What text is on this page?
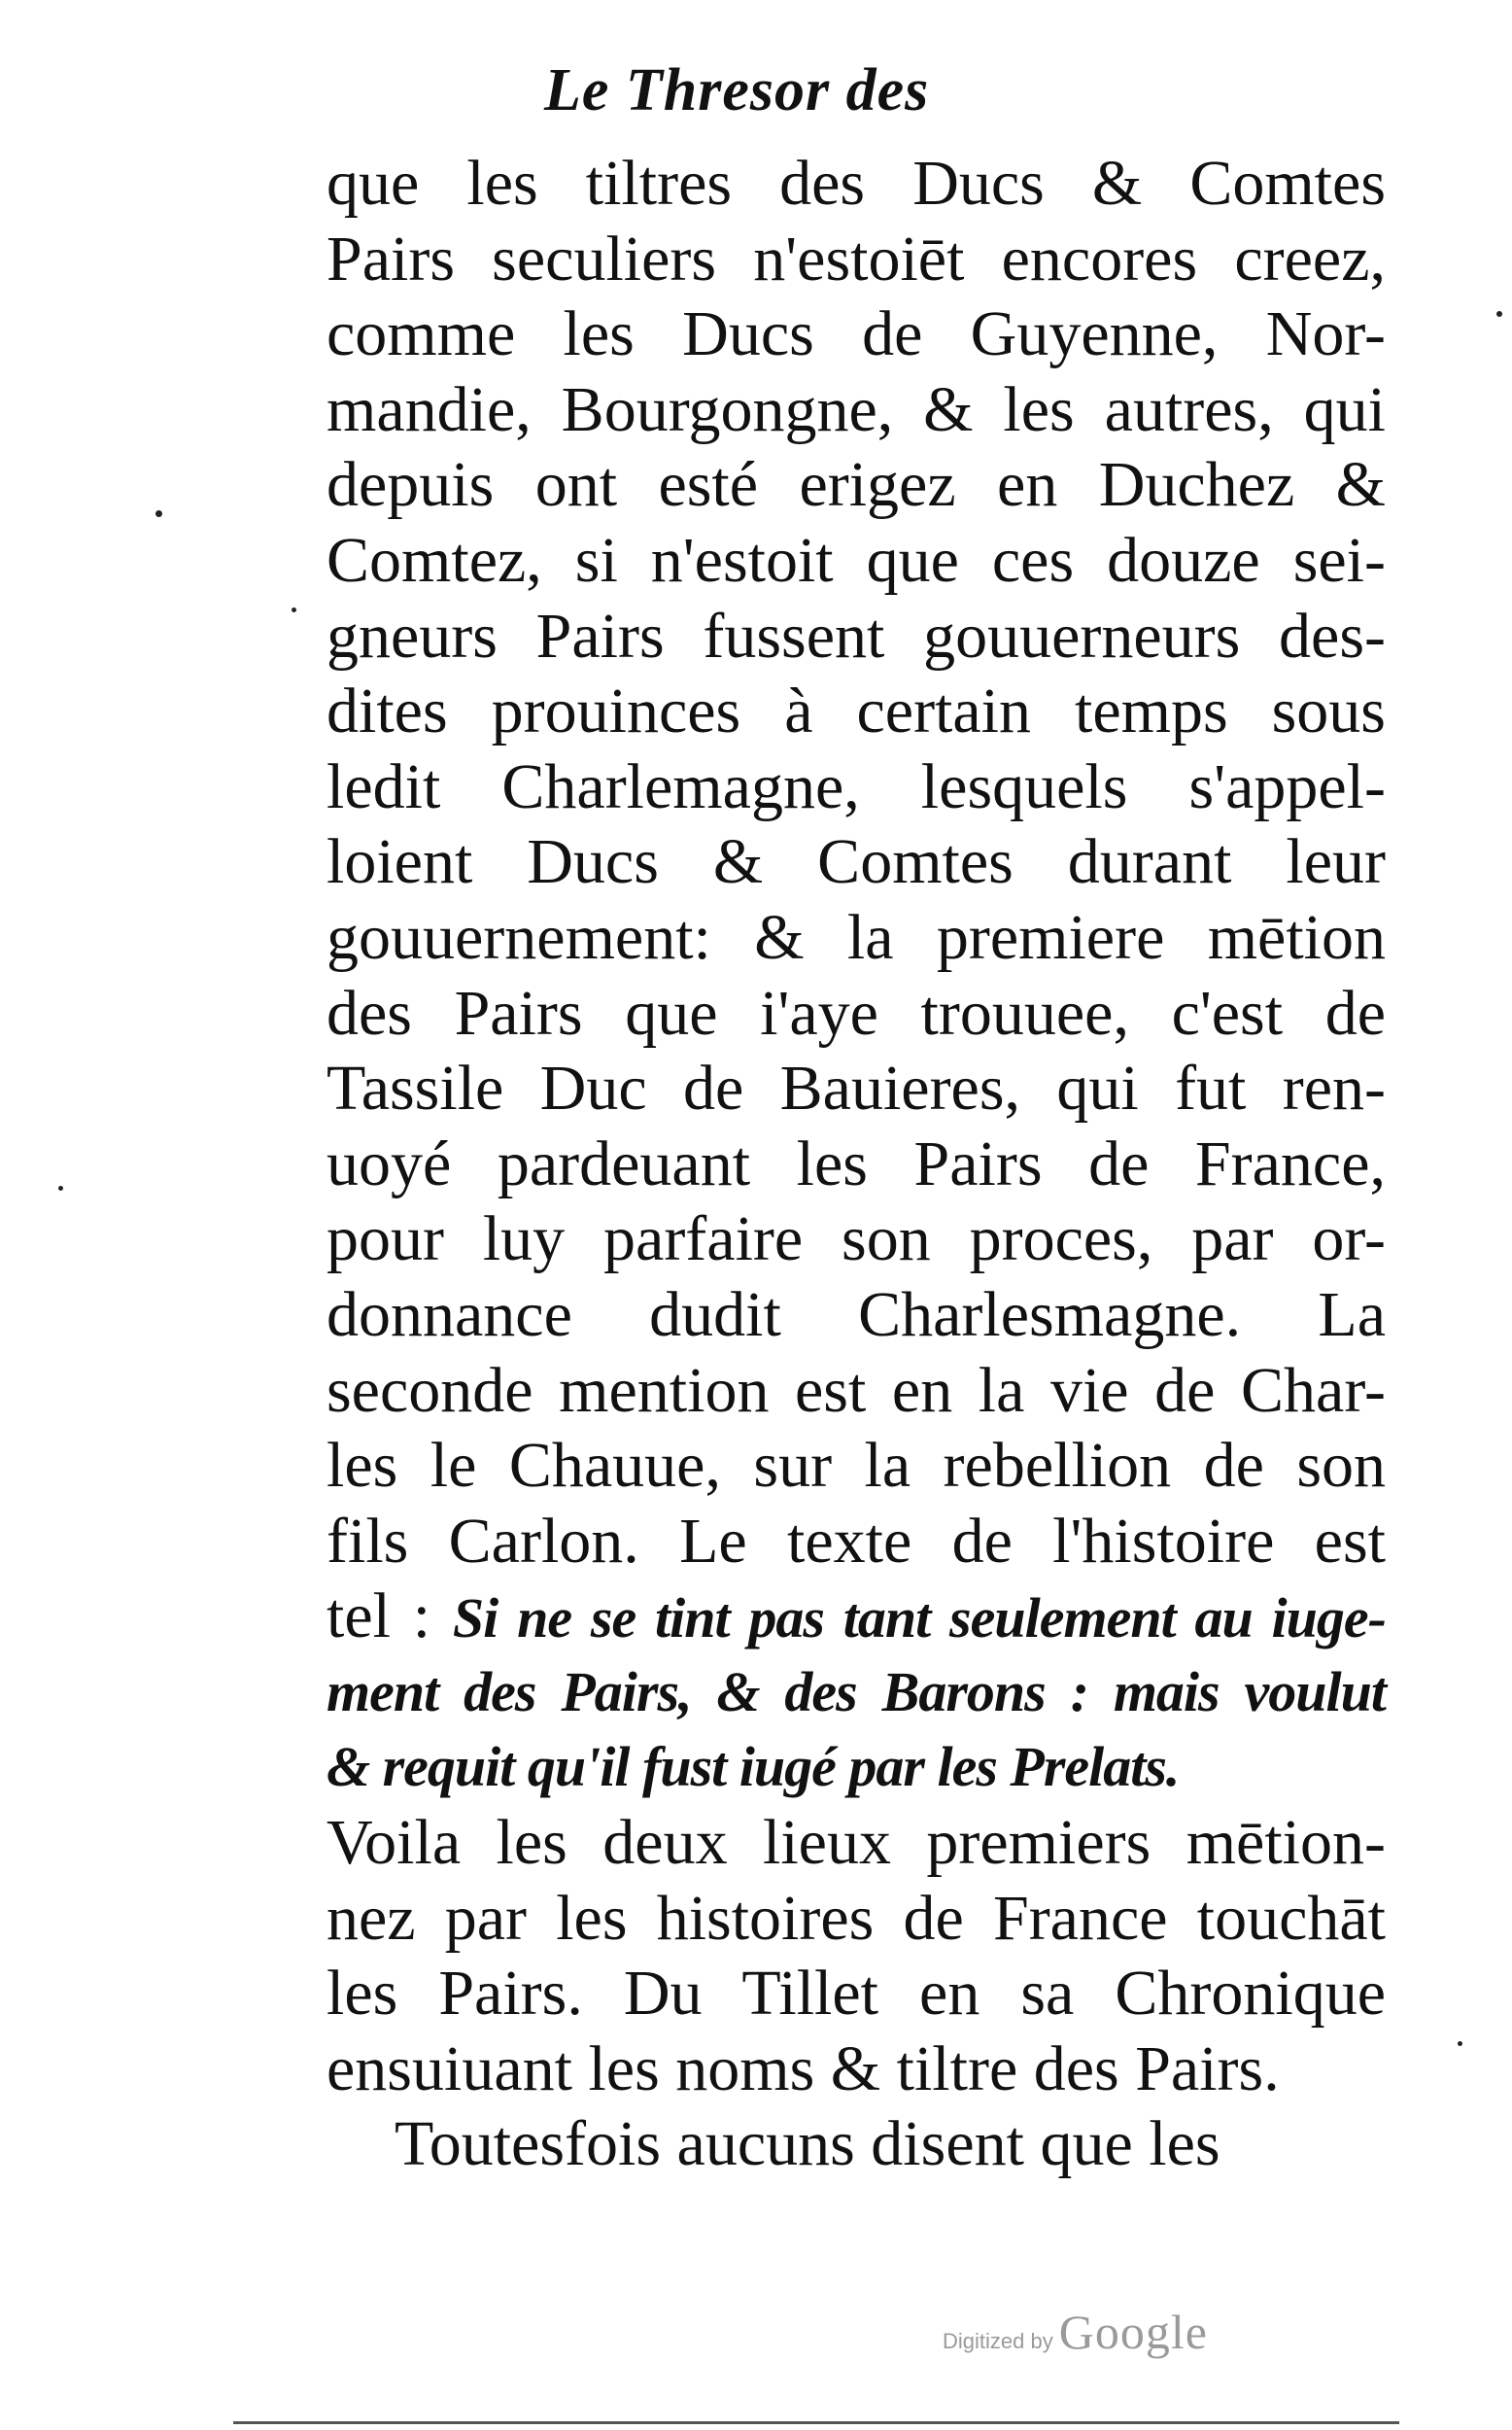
Le Thresor des
que les tiltres des Ducs & Comtes
Pairs seculiers n'estoiēt encores creez,
comme les Ducs de Guyenne, Nor-
mandie, Bourgongne, & les autres, qui
depuis ont esté erigez en Duchez &
Comtez, si n'estoit que ces douze sei-
gneurs Pairs fussent gouuerneurs des-
dites prouinces à certain temps sous
ledit Charlemagne, lesquels s'appel-
loient Ducs & Comtes durant leur
gouuernement: & la premiere mētion
des Pairs que i'aye trouuee, c'est de
Tassile Duc de Bauieres, qui fut ren-
uoyé pardeuant les Pairs de France,
pour luy parfaire son proces, par or-
donnance dudit Charlesmagne. La
seconde mention est en la vie de Char-
les le Chauue, sur la rebellion de son
fils Carlon. Le texte de l'histoire est
tel : Si ne se tint pas tant seulement au iuge-
ment des Pairs, & des Barons : mais voulut
& requit qu'il fust iugé par les Prelats.
Voila les deux lieux premiers mētion-
nez par les histoires de France touchāt
les Pairs. Du Tillet en sa Chronique
ensuiuant les noms & tiltre des Pairs.
Toutesfois aucuns disent que les
Digitized by Google
